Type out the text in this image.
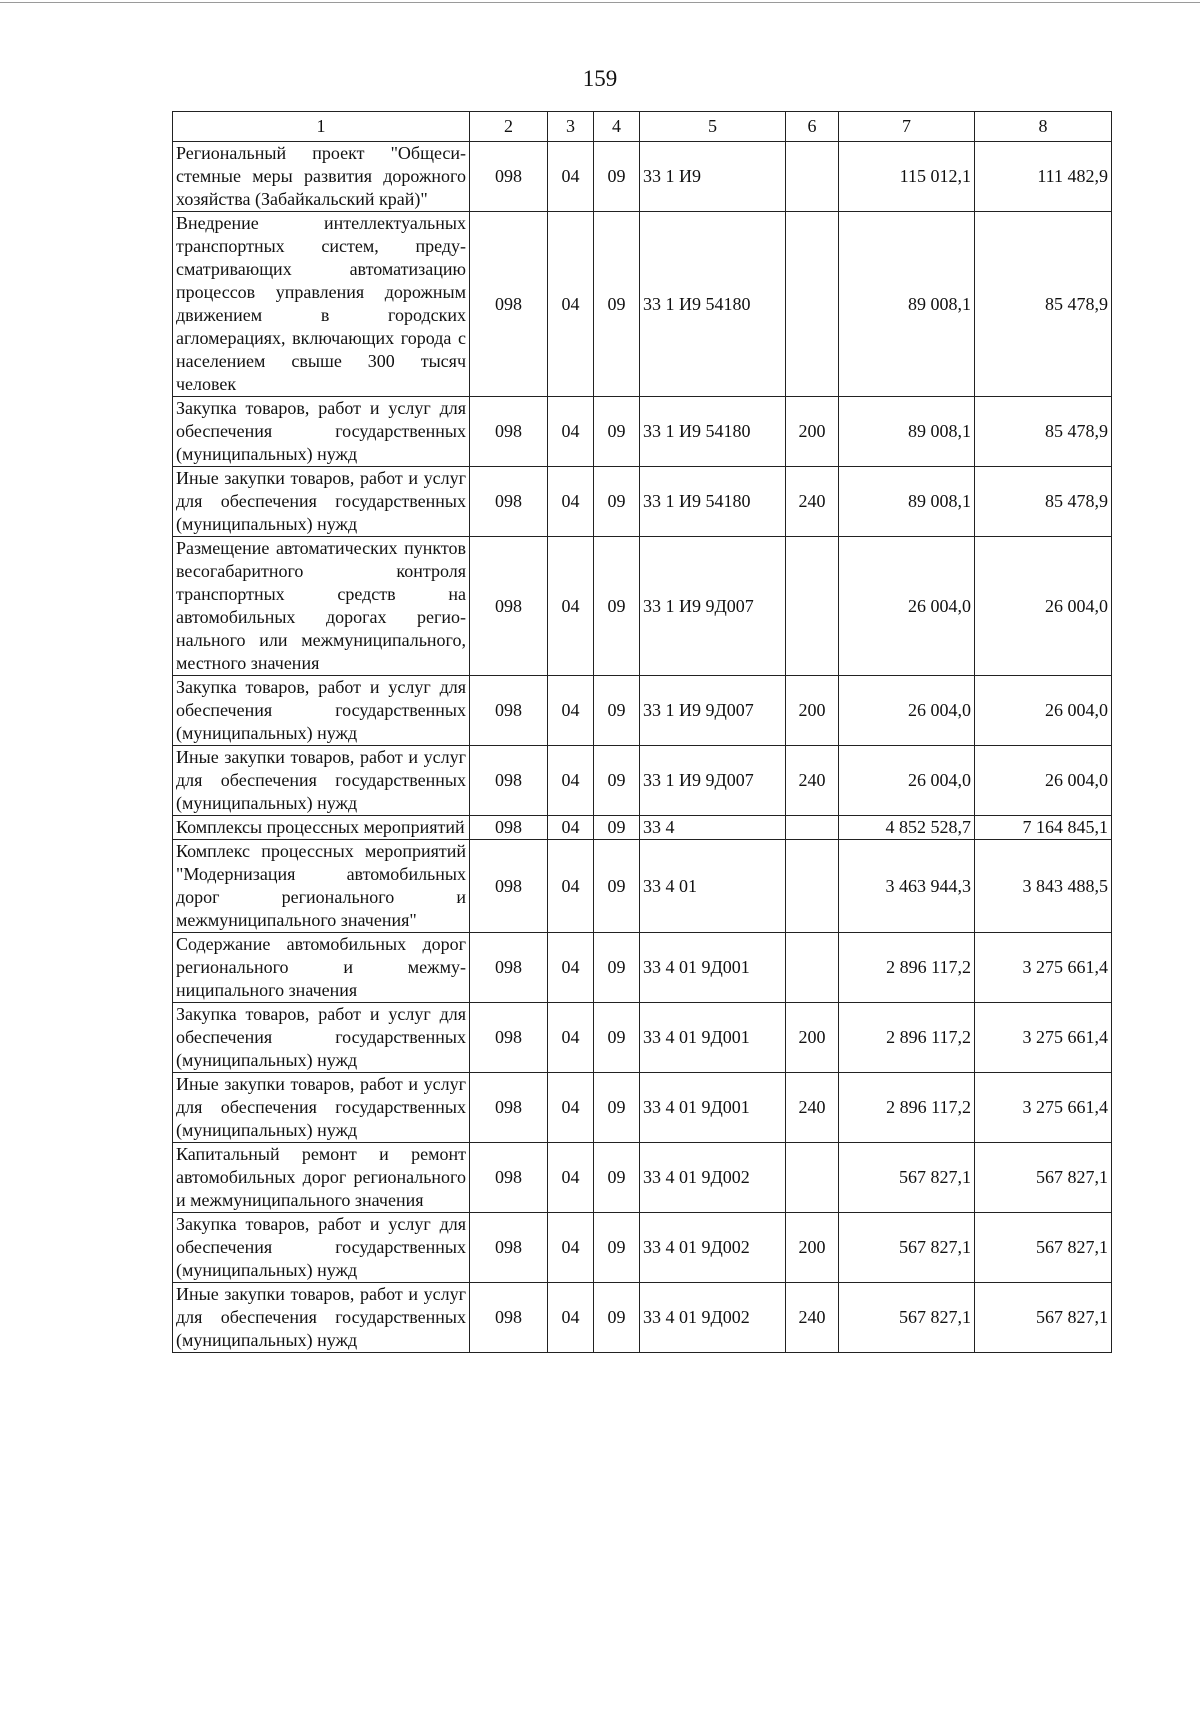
159
1	2	3	4	5	6	7	8
Региональный проект "Общесистемные меры развития дорожного хозяйства (Забайкальский край)"	098	04	09	33 1 И9		115 012,1	111 482,9
Внедрение интеллектуальных транспортных систем, предусматривающих автоматизацию процессов управления дорожным движением в городских агломерациях, включающих города с населением свыше 300 тысяч человек	098	04	09	33 1 И9 54180		89 008,1	85 478,9
Закупка товаров, работ и услуг для обеспечения государственных (муниципальных) нужд	098	04	09	33 1 И9 54180	200	89 008,1	85 478,9
Иные закупки товаров, работ и услуг для обеспечения государственных (муниципальных) нужд	098	04	09	33 1 И9 54180	240	89 008,1	85 478,9
Размещение автоматических пунктов весогабаритного контроля транспортных средств на автомобильных дорогах регионального или межмуниципального, местного значения	098	04	09	33 1 И9 9Д007		26 004,0	26 004,0
Закупка товаров, работ и услуг для обеспечения государственных (муниципальных) нужд	098	04	09	33 1 И9 9Д007	200	26 004,0	26 004,0
Иные закупки товаров, работ и услуг для обеспечения государственных (муниципальных) нужд	098	04	09	33 1 И9 9Д007	240	26 004,0	26 004,0
Комплексы процессных мероприятий	098	04	09	33 4		4 852 528,7	7 164 845,1
Комплекс процессных мероприятий "Модернизация автомобильных дорог регионального и межмуниципального значения"	098	04	09	33 4 01		3 463 944,3	3 843 488,5
Содержание автомобильных дорог регионального и межмуниципального значения	098	04	09	33 4 01 9Д001		2 896 117,2	3 275 661,4
Закупка товаров, работ и услуг для обеспечения государственных (муниципальных) нужд	098	04	09	33 4 01 9Д001	200	2 896 117,2	3 275 661,4
Иные закупки товаров, работ и услуг для обеспечения государственных (муниципальных) нужд	098	04	09	33 4 01 9Д001	240	2 896 117,2	3 275 661,4
Капитальный ремонт и ремонт автомобильных дорог регионального и межмуниципального значения	098	04	09	33 4 01 9Д002		567 827,1	567 827,1
Закупка товаров, работ и услуг для обеспечения государственных (муниципальных) нужд	098	04	09	33 4 01 9Д002	200	567 827,1	567 827,1
Иные закупки товаров, работ и услуг для обеспечения государственных (муниципальных) нужд	098	04	09	33 4 01 9Д002	240	567 827,1	567 827,1
